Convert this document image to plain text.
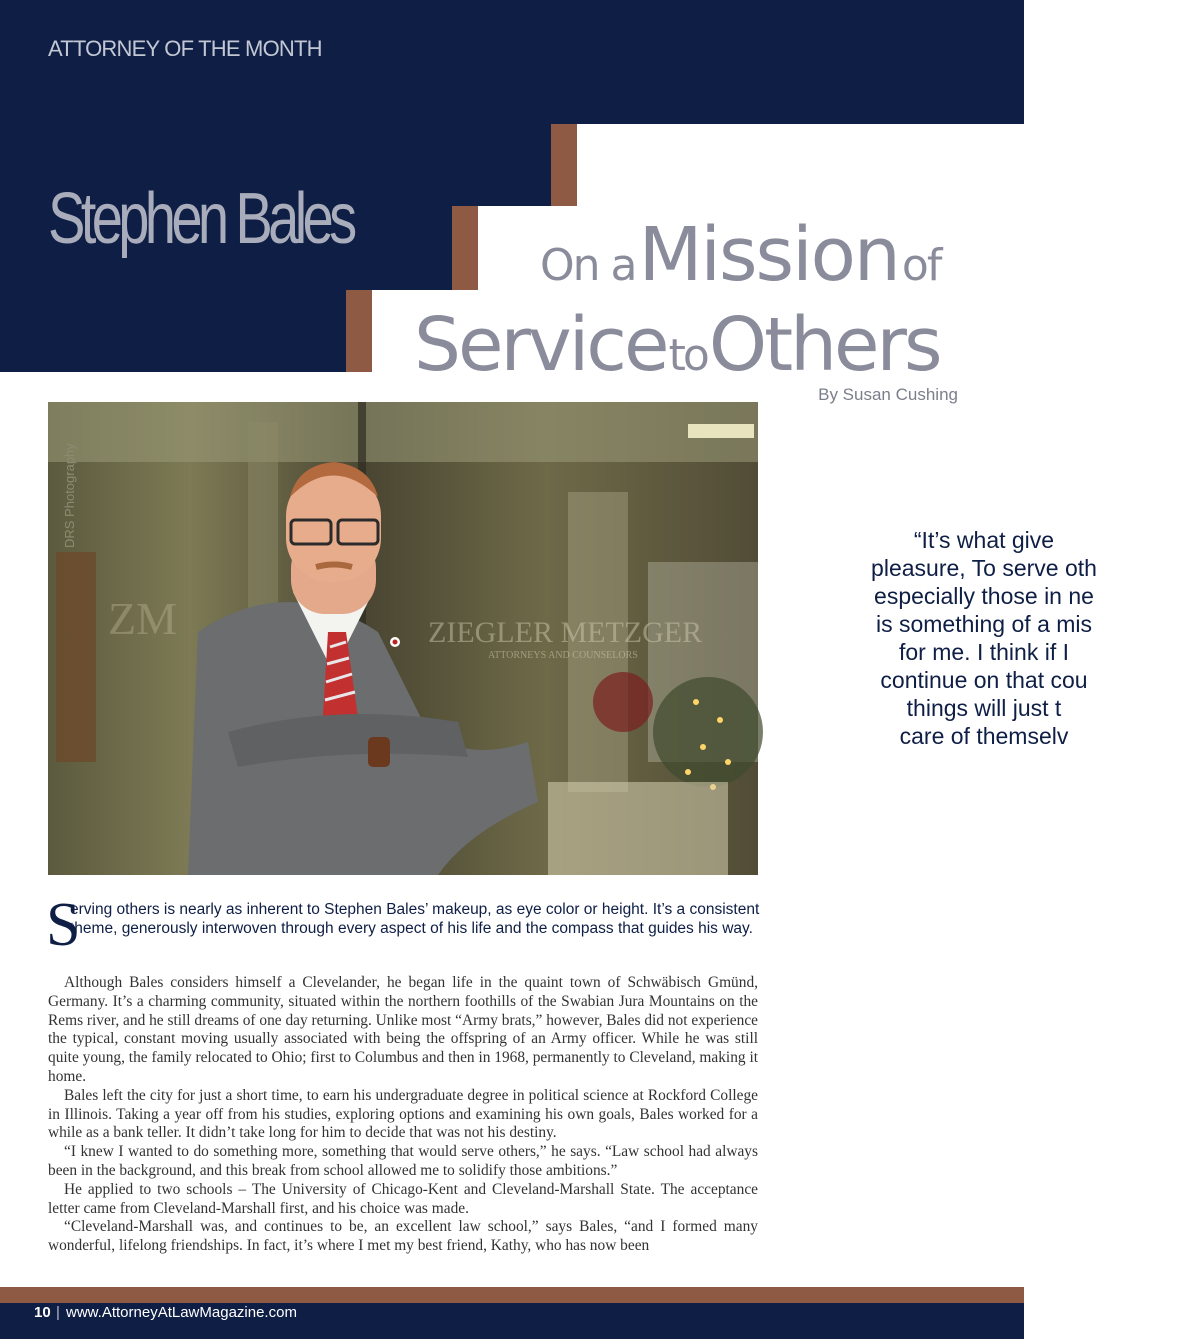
ATTORNEY OF THE MONTH
Stephen Bales
On a Mission of
Service to Others
By Susan Cushing
ZM	ZIEGLER METZGER
ATTORNEYS AND COUNSELORS
DRS Photography	“It’s what give
pleasure, To serve oth
especially those in ne
is something of a mis
for me. I think if I
continue on that cou
things will just t
care of themselv
S
erving others is nearly as inherent to Stephen Bales’ makeup, as eye color or height. It’s a consistent theme, generously interwoven through every aspect of his life and the compass that guides his way.

Although Bales considers himself a Clevelander, he began life in the quaint town of Schwäbisch Gmünd, Germany. It’s a charming community, situated within the northern foothills of the Swabian Jura Mountains on the Rems river, and he still dreams of one day returning. Unlike most “Army brats,” however, Bales did not experience the typical, constant moving usually associated with being the offspring of an Army officer. While he was still quite young, the family relocated to Ohio; first to Columbus and then in 1968, permanently to Cleveland, making it home.

Bales left the city for just a short time, to earn his undergraduate degree in political science at Rockford College in Illinois. Taking a year off from his studies, exploring options and examining his own goals, Bales worked for a while as a bank teller. It didn’t take long for him to decide that was not his destiny.

“I knew I wanted to do something more, something that would serve others,” he says. “Law school had always been in the background, and this break from school allowed me to solidify those ambitions.”

He applied to two schools – The University of Chicago-Kent and Cleveland-Marshall State. The acceptance letter came from Cleveland-Marshall first, and his choice was made.

“Cleveland-Marshall was, and continues to be, an excellent law school,” says Bales, “and I formed many wonderful, lifelong friendships. In fact, it’s where I met my best friend, Kathy, who has now been

10 | www.AttorneyAtLawMagazine.com
